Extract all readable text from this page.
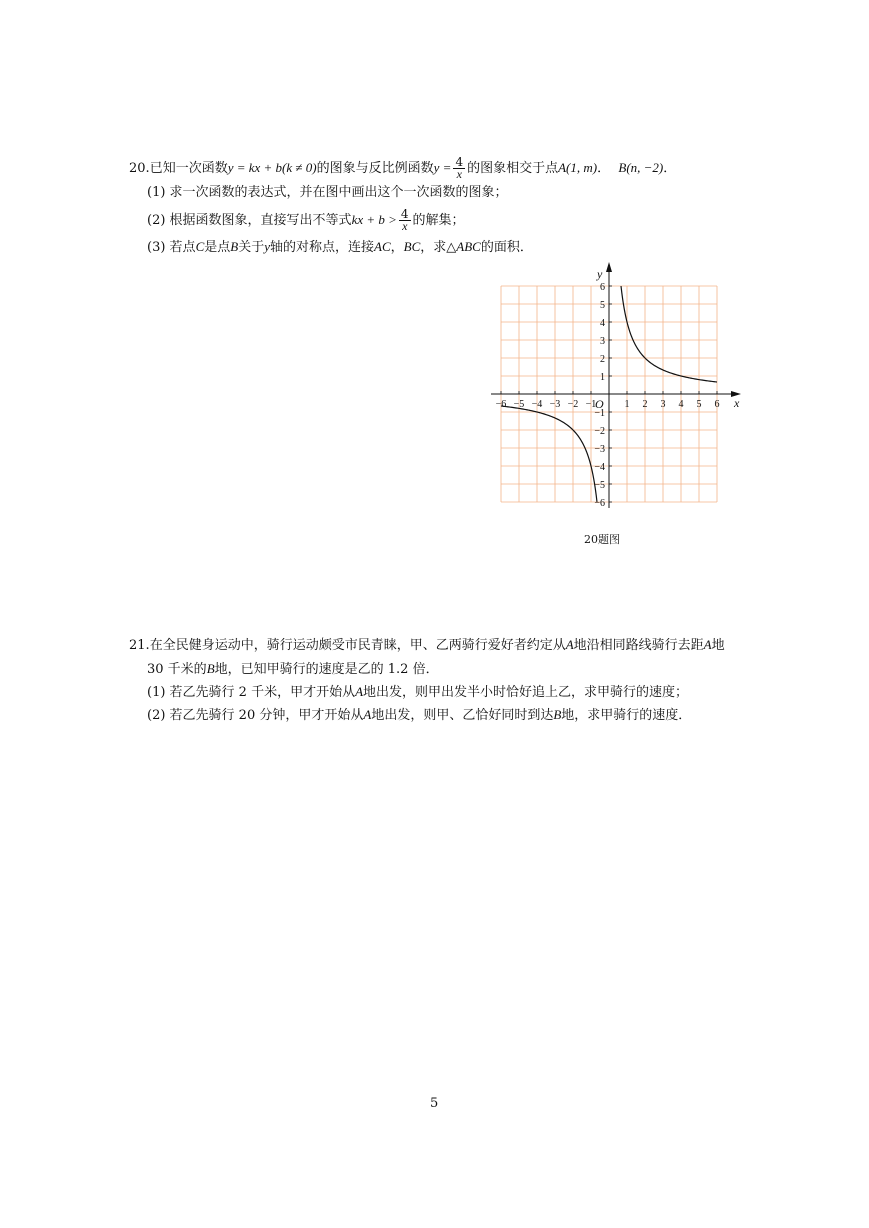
20.已知一次函数y = kx + b(k ≠ 0)的图象与反比例函数$y = \frac{4}{x}$ 的图象相交于点A(1, m)． B(n, −2)．
(1) 求一次函数的表达式，并在图中画出这个一次函数的图象；
(2) 根据函数图象，直接写出不等式kx + $b > \frac{4}{x}$ 的解集；
(3) 若点C是点B关于y轴的对称点，连接AC，BC，求△ABC的面积．
−6 −5 −4 −3 −2 −1	1 2 3 4 5 6
6
5
4
3
2
1
−1
−2
−3
−4
−5
−6
x
y
O
20题图
21.在全民健身运动中，骑行运动颇受市民青睐，甲、乙两骑行爱好者约定从A地沿相同路线骑行去距A地
30 千米的B地，已知甲骑行的速度是乙的 1.2 倍．
(1) 若乙先骑行 2 千米，甲才开始从A地出发，则甲出发半小时恰好追上乙，求甲骑行的速度；
(2) 若乙先骑行 20 分钟，甲才开始从A地出发，则甲、乙恰好同时到达B地，求甲骑行的速度．
5
